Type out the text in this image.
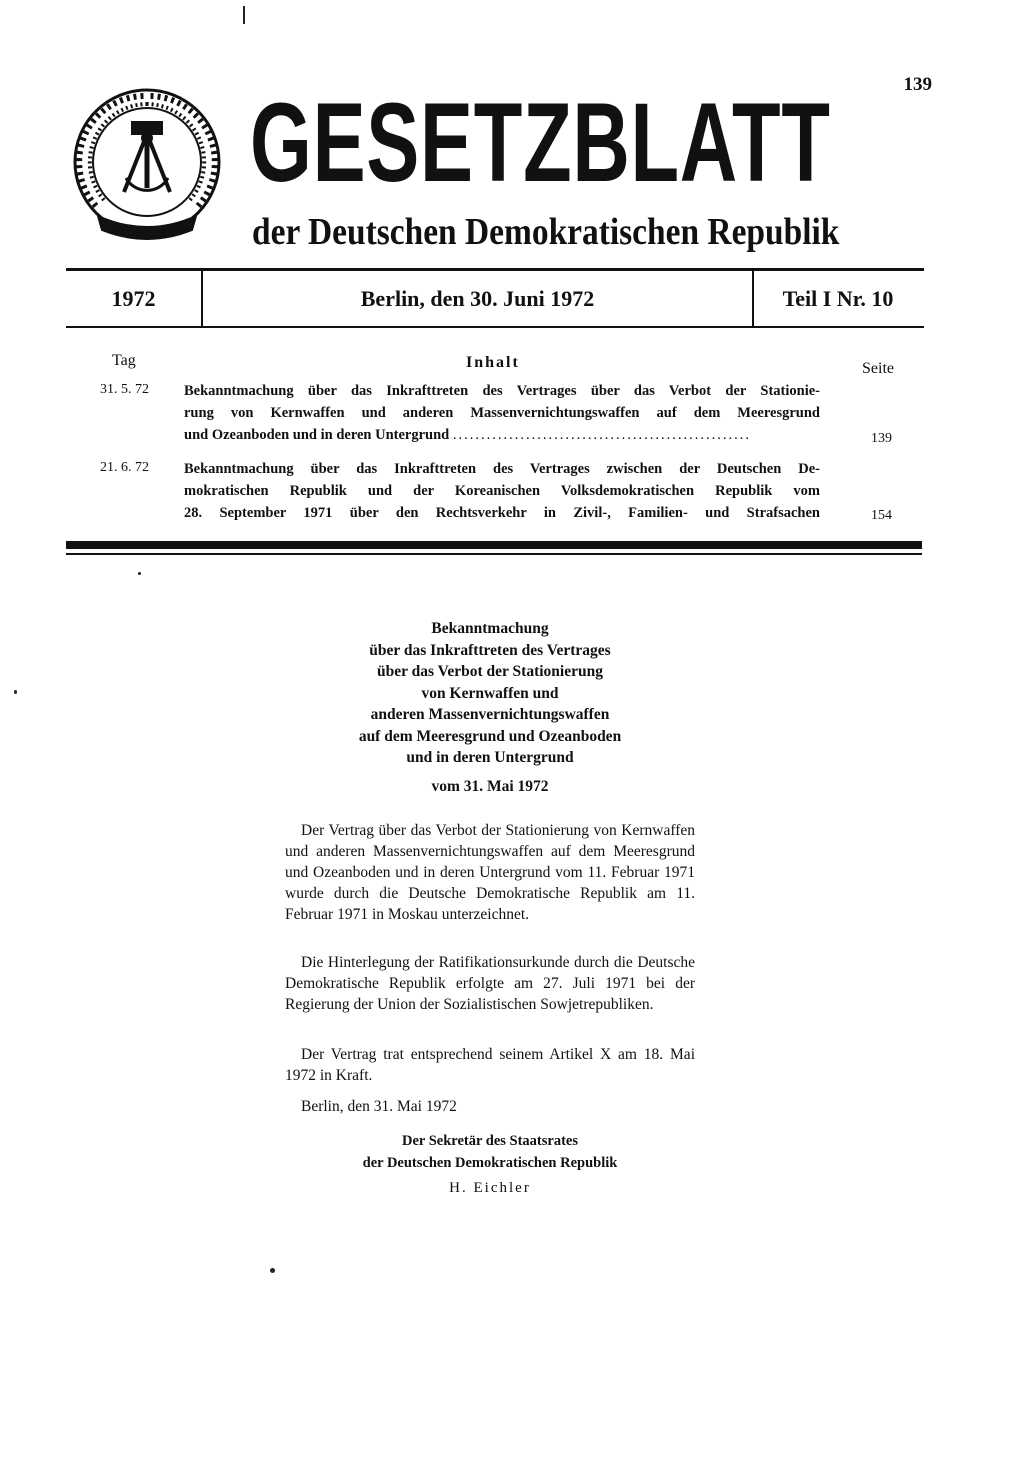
139
GESETZBLATT
der Deutschen Demokratischen Republik
1972	Berlin, den 30. Juni 1972	Teil I Nr. 10
Tag	Inhalt	Seite
31. 5. 72 Bekanntmachung über das Inkrafttreten des Vertrages über das Verbot der Stationie-
rung von Kernwaffen und anderen Massenvernichtungswaffen auf dem Meeresgrund
und Ozeanboden und in deren Untergrund .....................................................	139
21. 6. 72 Bekanntmachung über das Inkrafttreten des Vertrages zwischen der Deutschen De-
mokratischen Republik und der Koreanischen Volksdemokratischen Republik vom
28. September 1971 über den Rechtsverkehr in Zivil-, Familien- und Strafsachen	154
Bekanntmachung
über das Inkrafttreten des Vertrages
über das Verbot der Stationierung
von Kernwaffen und
anderen Massenvernichtungswaffen
auf dem Meeresgrund und Ozeanboden
und in deren Untergrund
vom 31. Mai 1972

Der Vertrag über das Verbot der Stationierung von Kernwaffen und anderen Massenvernichtungswaffen auf dem Meeresgrund und Ozeanboden und in deren Untergrund vom 11. Februar 1971 wurde durch die Deutsche Demokratische Republik am 11. Februar 1971 in Moskau unterzeichnet.

Die Hinterlegung der Ratifikationsurkunde durch die Deutsche Demokratische Republik erfolgte am 27. Juli 1971 bei der Regierung der Union der Sozialistischen Sowjetrepubliken.

Der Vertrag trat entsprechend seinem Artikel X am 18. Mai 1972 in Kraft.

Berlin, den 31. Mai 1972
Der Sekretär des Staatsrates
der Deutschen Demokratischen Republik
H. Eichler
